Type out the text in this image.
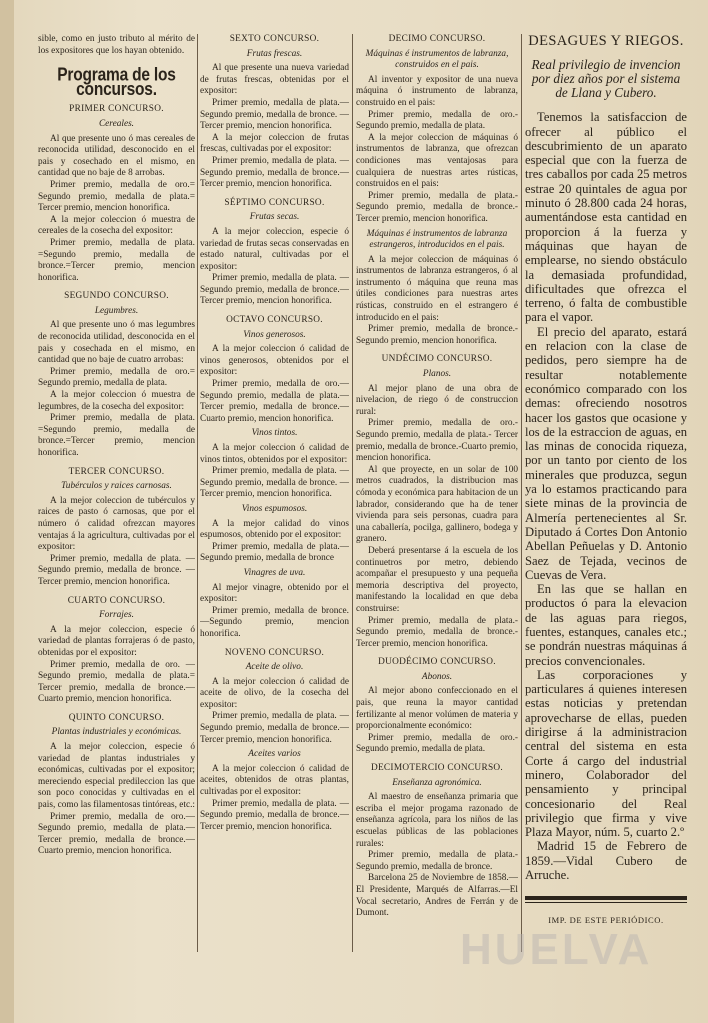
sible, como en justo tributo al mérito de los expositores que los hayan obtenido.

Programa de los concursos.
PRIMER CONCURSO.
Cereales.

Al que presente uno ó mas cereales de reconocida utilidad, desconocido en el pais y cosechado en el mismo, en cantidad que no baje de 8 arrobas.

Primer premio, medalla de oro.= Segundo premio, medalla de plata.= Tercer premio, mencion honorifica.

A la mejor coleccion ó muestra de cereales de la cosecha del expositor:

Primer premio, medalla de plata. =Segundo premio, medalla de bronce.=Tercer premio, mencion honorifica.

SEGUNDO CONCURSO.
Legumbres.

Al que presente uno ó mas legumbres de reconocida utilidad, desconocida en el pais y cosechada en el mismo, en cantidad que no baje de cuatro arrobas:

Primer premio, medalla de oro.= Segundo premio, medalla de plata.

A la mejor coleccion ó muestra de legumbres, de la cosecha del expositor:

Primer premio, medalla de plata. =Segundo premio, medalla de bronce.=Tercer premio, mencion honorifica.

TERCER CONCURSO.
Tubérculos y raices carnosas.

A la mejor coleccion de tubérculos y raices de pasto ó carnosas, que por el número ó calidad ofrezcan mayores ventajas á la agricultura, cultivadas por el expositor:

Primer premio, medalla de plata. —Segundo premio, medalla de bronce. — Tercer premio, mencion honorifica.

CUARTO CONCURSO.
Forrajes.

A la mejor coleccion, especie ó variedad de plantas forrajeras ó de pasto, obtenidas por el expositor:

Primer premio, medalla de oro. — Segundo premio, medalla de plata.= Tercer premio, medalla de bronce.— Cuarto premio, mencion honorifica.

QUINTO CONCURSO.
Plantas industriales y económicas.

A la mejor coleccion, especie ó variedad de plantas industriales y económicas, cultivadas por el expositor; mereciendo especial predileccion las que son poco conocidas y cultivadas en el pais, como las filamentosas tintóreas, etc.:

Primer premio, medalla de oro.— Segundo premio, medalla de plata.— Tercer premio, medalla de bronce.— Cuarto premio, mencion honorifica.

SEXTO CONCURSO.
Frutas frescas.

Al que presente una nueva variedad de frutas frescas, obtenidas por el expositor:

Primer premio, medalla de plata.— Segundo premio, medalla de bronce. —Tercer premio, mencion honorifica.

A la mejor coleccion de frutas frescas, cultivadas por el expositor:

Primer premio, medalla de plata. —Segundo premio, medalla de bronce.—Tercer premio, mencion honorifica.

SÉPTIMO CONCURSO.
Frutas secas.

A la mejor coleccion, especie ó variedad de frutas secas conservadas en estado natural, cultivadas por el expositor:

Primer premio, medalla de plata. —Segundo premio, medalla de bronce.—Tercer premio, mencion honorifica.

OCTAVO CONCURSO.
Vinos generosos.

A la mejor coleccion ó calidad de vinos generosos, obtenidos por el expositor:

Primer premio, medalla de oro.— Segundo premio, medalla de plata.— Tercer premio, medalla de bronce.— Cuarto premio, mencion honorifica.

Vinos tintos.

A la mejor coleccion ó calidad de vinos tintos, obtenidos por el expositor:

Primer premio, medalla de plata. —Segundo premio, medalla de bronce. —Tercer premio, mencion honorifica.

Vinos espumosos.

A la mejor calidad do vinos espumosos, obtenido por el expositor:

Primer premio, medalla de plata.— Segundo premio, medalla de bronce

Vinagres de uva.

Al mejor vinagre, obtenido por el expositor:

Primer premio, medalla de bronce. —Segundo premio, mencion honorifica.

NOVENO CONCURSO.
Aceite de olivo.

A la mejor coleccion ó calidad de aceite de olivo, de la cosecha del expositor:

Primer premio, medalla de plata. —Segundo premio, medalla de bronce.—Tercer premio, mencion honorifica.

Aceites varios

A la mejor coleccion ó calidad de aceites, obtenidos de otras plantas, cultivadas por el expositor:

Primer premio, medalla de plata. —Segundo premio, medalla de bronce.—Tercer premio, mencion honorifica.

DÉCIMO CONCURSO.
Máquinas é instrumentos de labranza, construidos en el pais.

Al inventor y expositor de una nueva máquina ó instrumento de labranza, construido en el pais:

Primer premio, medalla de oro.-Segundo premio, medalla de plata.

A la mejor coleccion de máquinas ó instrumentos de labranza, que ofrezcan condiciones mas ventajosas para cualquiera de nuestras artes rústicas, construidos en el pais:

Primer premio, medalla de plata.- Segundo premio, medalla de bronce.- Tercer premio, mencion honorifica.

Máquinas é instrumentos de labranza estrangeros, introducidos en el pais.

A la mejor coleccion de máquinas ó instrumentos de labranza estrangeros, ó al instrumento ó máquina que reuna mas útiles condiciones para nuestras artes rústicas, construido en el estrangero é introducido en el pais:

Primer premio, medalla de bronce.- Segundo premio, mencion honorifica.

UNDÉCIMO CONCURSO.
Planos.

Al mejor plano de una obra de nivelacion, de riego ó de construccion rural:

Primer premio, medalla de oro.-Segundo premio, medalla de plata.- Tercer premio, medalla de bronce.-Cuarto premio, mencion honorifica.

Al que proyecte, en un solar de 100 metros cuadrados, la distribucion mas cómoda y económica para habitacion de un labrador, considerando que ha de tener vivienda para seis personas, cuadra para una caballería, pocilga, gallinero, bodega y granero.

Deberá presentarse á la escuela de los continuetros por metro, debiendo acompañar el presupuesto y una pequeña memoria descriptiva del proyecto, manifestando la localidad en que deba construirse:

Primer premio, medalla de plata.- Segundo premio, medalla de bronce.- Tercer premio, mencion honorifica.

DUODÉCIMO CONCURSO.
Abonos.

Al mejor abono confeccionado en el pais, que reuna la mayor cantidad fertilizante al menor volúmen de materia y proporcionalmente económico:

Primer premio, medalla de oro.-Segundo premio, medalla de plata.

DECIMOTERCIO CONCURSO.
Enseñanza agronómica.

Al maestro de enseñanza primaria que escriba el mejor progama razonado de enseñanza agrícola, para los niños de las escuelas públicas de las poblaciones rurales:

Primer premio, medalla de plata.- Segundo premio, medalla de bronce.

Barcelona 25 de Noviembre de 1858.—El Presidente, Marqués de Alfarras.—El Vocal secretario, Andres de Ferrán y de Dumont.

DESAGUES Y RIEGOS.
Real privilegio de invencion por diez años por el sistema de Llana y Cubero.

Tenemos la satisfaccion de ofrecer al público el descubrimiento de un aparato especial que con la fuerza de tres caballos por cada 25 metros estrae 20 quintales de agua por minuto ó 28.800 cada 24 horas, aumentándose esta cantidad en proporcion á la fuerza y máquinas que hayan de emplearse, no siendo obstáculo la demasiada profundidad, dificultades que ofrezca el terreno, ó falta de combustible para el vapor.

El precio del aparato, estará en relacion con la clase de pedidos, pero siempre ha de resultar notablemente económico comparado con los demas: ofreciendo nosotros hacer los gastos que ocasione y los de la estraccion de aguas, en las minas de conocida riqueza, por un tanto por ciento de los minerales que produzca, segun ya lo estamos practicando para siete minas de la provincia de Almería pertenecientes al Sr. Diputado á Cortes Don Antonio Abellan Peñuelas y D. Antonio Saez de Tejada, vecinos de Cuevas de Vera.

En las que se hallan en productos ó para la elevacion de las aguas para riegos, fuentes, estanques, canales etc.; se pondrán nuestras máquinas á precios convencionales.

Las corporaciones y particulares á quienes interesen estas noticias y pretendan aprovecharse de ellas, pueden dirigirse á la administracion central del sistema en esta Corte á cargo del industrial minero, Colaborador del pensamiento y principal concesionario del Real privilegio que firma y vive Plaza Mayor, núm. 5, cuarto 2.º

Madrid 15 de Febrero de 1859.—Vidal Cubero de Arruche.

IMP. DE ESTE PERIÓDICO.
HUELVA
